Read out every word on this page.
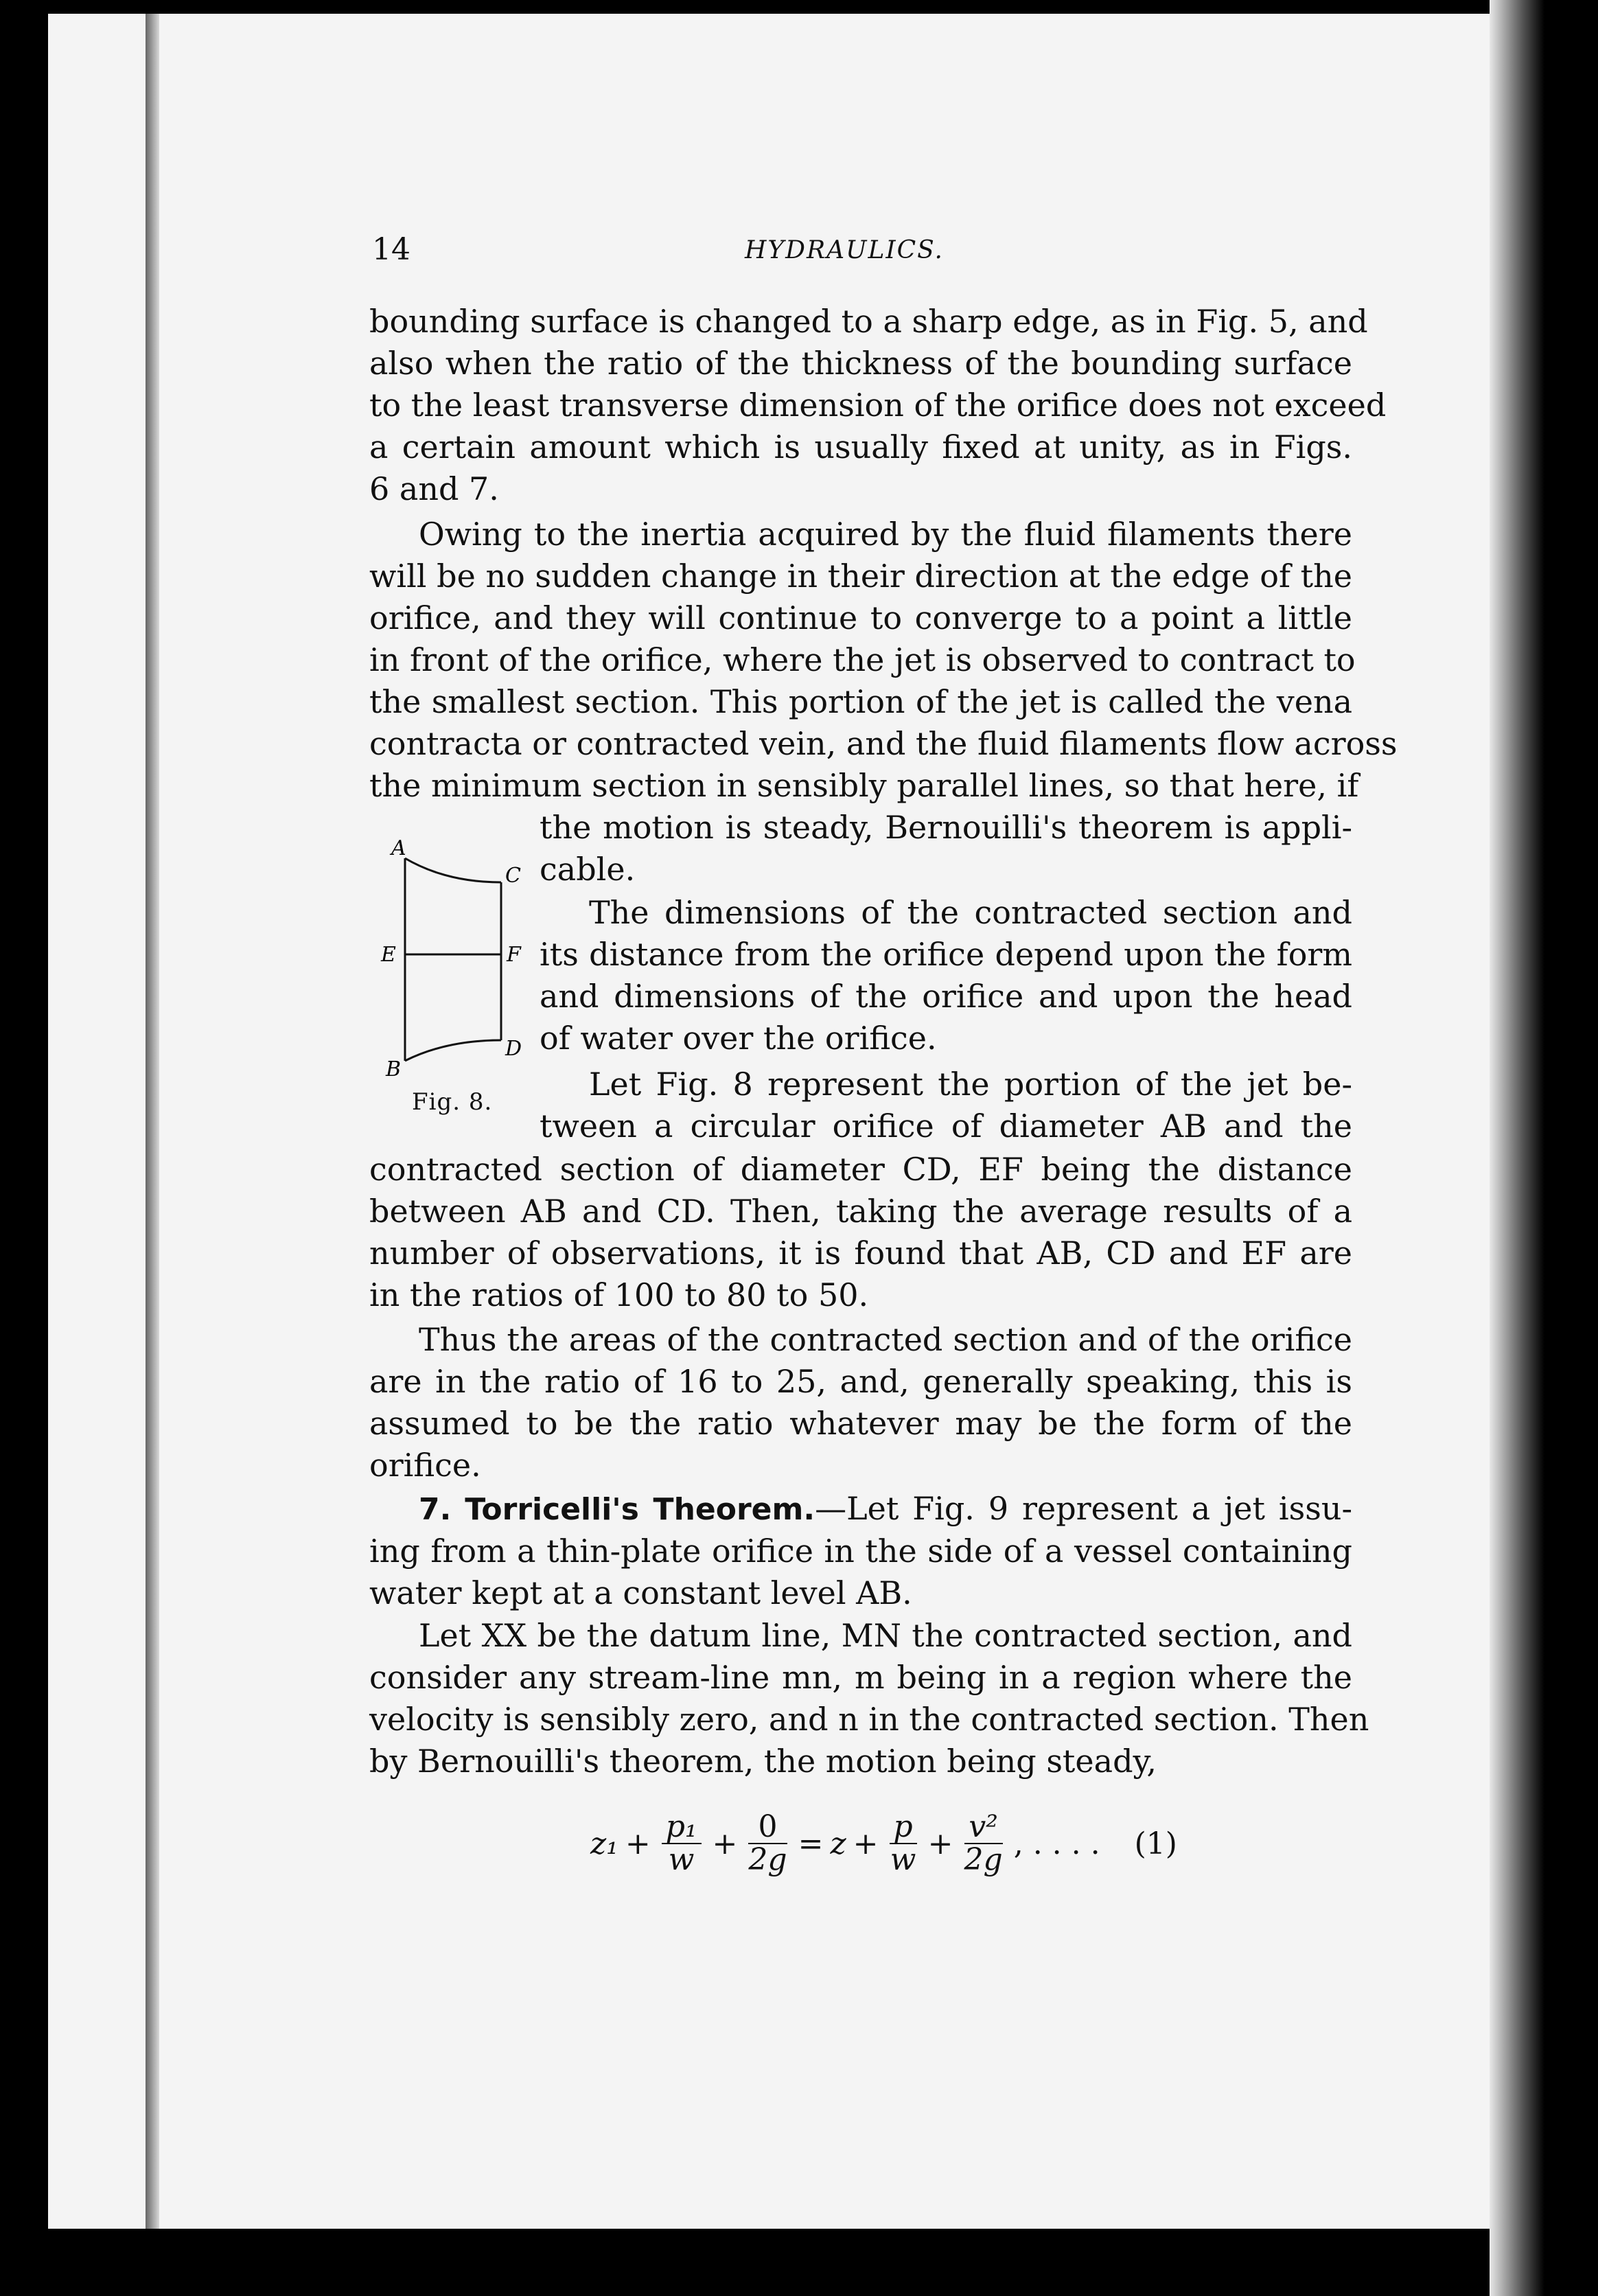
14	HYDRAULICS.
bounding surface is changed to a sharp edge, as in Fig. 5, and
also when the ratio of the thickness of the bounding surface
to the least transverse dimension of the orifice does not exceed
a certain amount which is usually fixed at unity, as in Figs.
6 and 7.
Owing to the inertia acquired by the fluid filaments there
will be no sudden change in their direction at the edge of the
orifice, and they will continue to converge to a point a little
in front of the orifice, where the jet is observed to contract to
the smallest section. This portion of the jet is called the vena
contracta or contracted vein, and the fluid filaments flow across
the minimum section in sensibly parallel lines, so that here, if
the motion is steady, Bernouilli's theorem is appli-
cable.
The dimensions of the contracted section and
its distance from the orifice depend upon the form
and dimensions of the orifice and upon the head
of water over the orifice.
Let Fig. 8 represent the portion of the jet be-
tween a circular orifice of diameter AB and the
A
C
E	F
B
D
Fig. 8.
contracted section of diameter CD, EF being the distance
between AB and CD. Then, taking the average results of a
number of observations, it is found that AB, CD and EF are
in the ratios of 100 to 80 to 50.
Thus the areas of the contracted section and of the orifice
are in the ratio of 16 to 25, and, generally speaking, this is
assumed to be the ratio whatever may be the form of the
orifice.
7. Torricelli's Theorem.—Let Fig. 9 represent a jet issu-
ing from a thin-plate orifice in the side of a vessel containing
water kept at a constant level AB.
Let XX be the datum line, MN the contracted section, and
consider any stream-line mn, m being in a region where the
velocity is sensibly zero, and n in the contracted section. Then
by Bernouilli's theorem, the motion being steady,
$z_1 + \frac{\text{p₁}}{w} + \frac{0}{2g} = z + \frac{p}{w} + \frac{\text{v²}}{2g}$ , . . . . (1)
